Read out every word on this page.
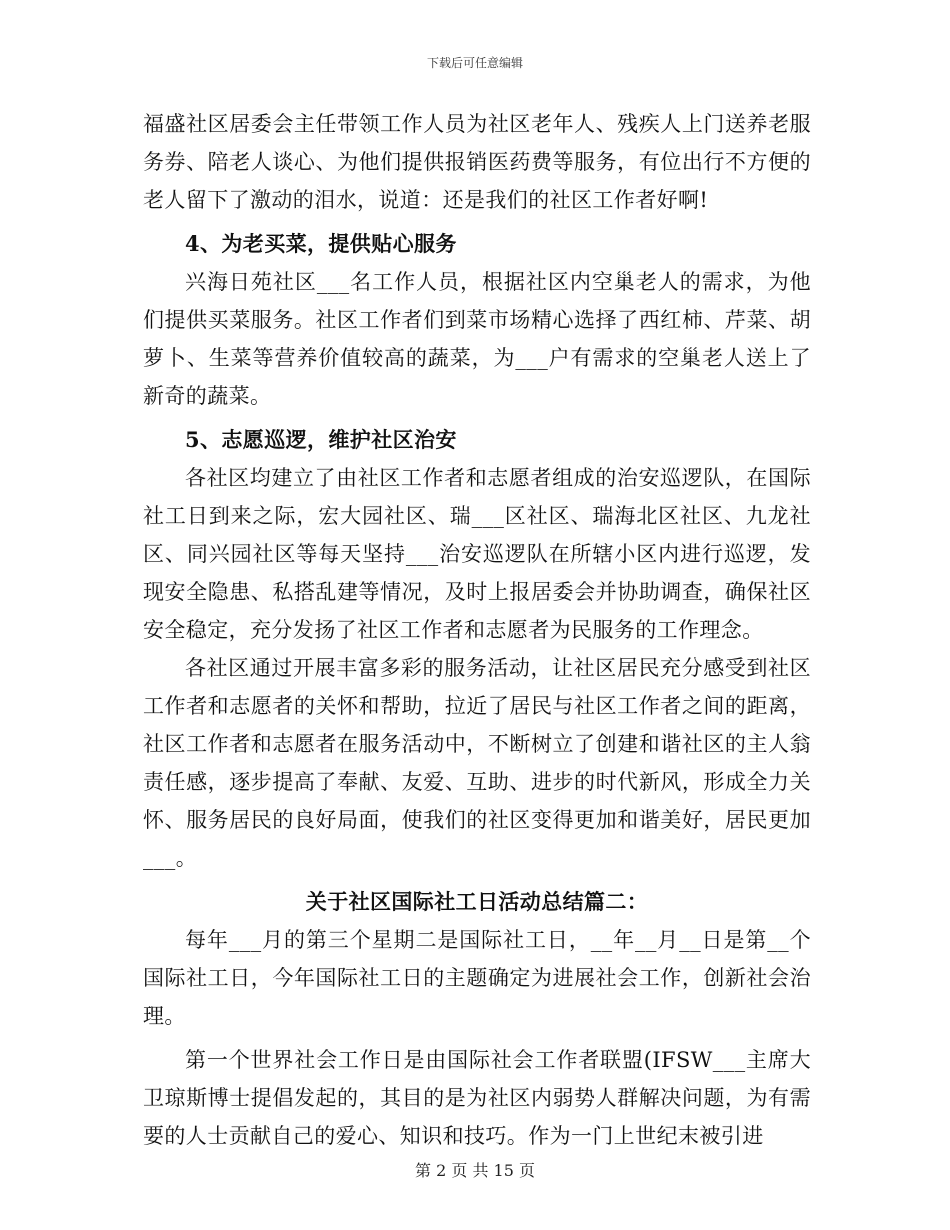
下载后可任意编辑

福盛社区居委会主任带领工作人员为社区老年人、残疾人上门送养老服务券、陪老人谈心、为他们提供报销医药费等服务，有位出行不方便的老人留下了激动的泪水，说道：还是我们的社区工作者好啊!

4、为老买菜，提供贴心服务

兴海日苑社区___名工作人员，根据社区内空巢老人的需求，为他们提供买菜服务。社区工作者们到菜市场精心选择了西红柿、芹菜、胡萝卜、生菜等营养价值较高的蔬菜，为___户有需求的空巢老人送上了新奇的蔬菜。

5、志愿巡逻，维护社区治安

各社区均建立了由社区工作者和志愿者组成的治安巡逻队，在国际社工日到来之际，宏大园社区、瑞___区社区、瑞海北区社区、九龙社区、同兴园社区等每天坚持___治安巡逻队在所辖小区内进行巡逻，发现安全隐患、私搭乱建等情况，及时上报居委会并协助调查，确保社区安全稳定，充分发扬了社区工作者和志愿者为民服务的工作理念。

各社区通过开展丰富多彩的服务活动，让社区居民充分感受到社区工作者和志愿者的关怀和帮助，拉近了居民与社区工作者之间的距离，社区工作者和志愿者在服务活动中，不断树立了创建和谐社区的主人翁责任感，逐步提高了奉献、友爱、互助、进步的时代新风，形成全力关怀、服务居民的良好局面，使我们的社区变得更加和谐美好，居民更加___。

关于社区国际社工日活动总结篇二：

每年___月的第三个星期二是国际社工日，__年__月__日是第__个国际社工日，今年国际社工日的主题确定为进展社会工作，创新社会治理。

第一个世界社会工作日是由国际社会工作者联盟(IFSW___主席大卫琼斯博士提倡发起的，其目的是为社区内弱势人群解决问题，为有需要的人士贡献自己的爱心、知识和技巧。作为一门上世纪末被引进

第 2 页 共 15 页
